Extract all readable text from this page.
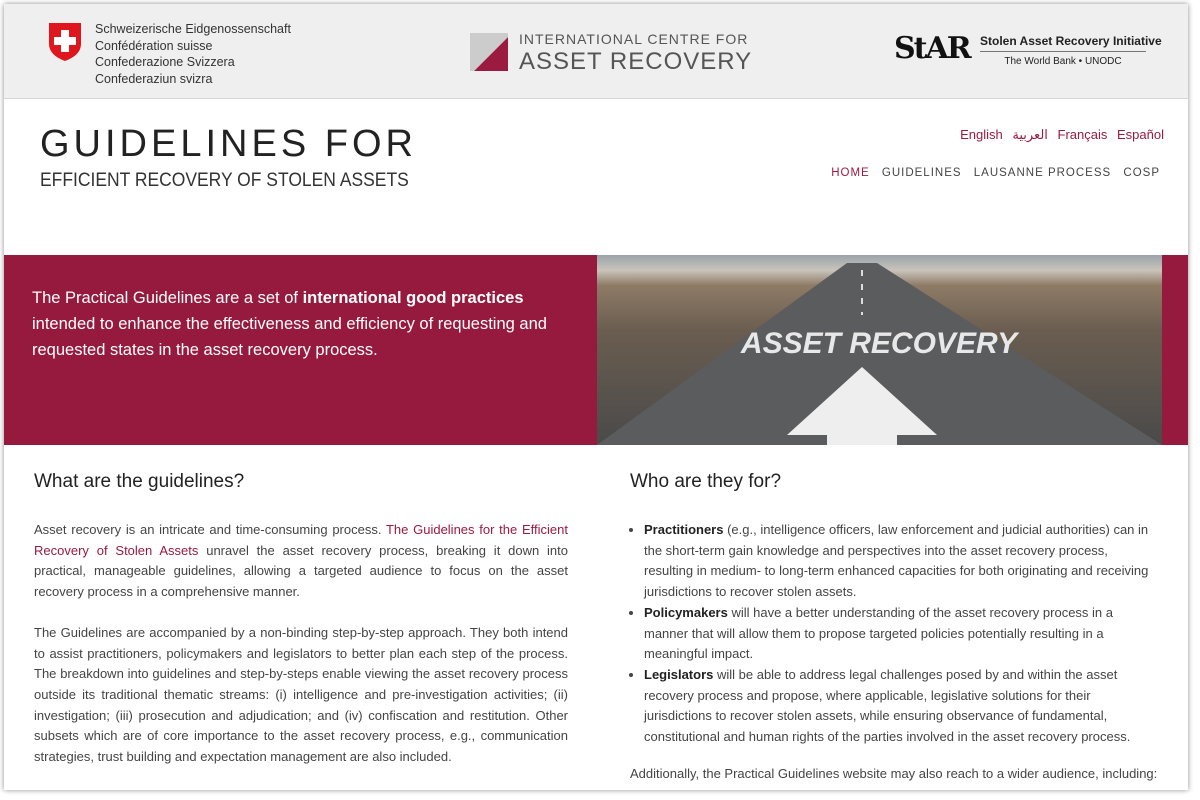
Schweizerische Eidgenossenschaft
Confédération suisse
Confederazione Svizzera
Confederaziun svizra
INTERNATIONAL CENTRE FOR
ASSET RECOVERY	StAR Stolen Asset Recovery Initiative
The World Bank • UNODC
GUIDELINES FOR
EFFICIENT RECOVERY OF STOLEN ASSETS
English العربية Français Español
HOME GUIDELINES LAUSANNE PROCESS COSP
The Practical Guidelines are a set of international good practices intended to enhance the effectiveness and efficiency of requesting and requested states in the asset recovery process.	ASSET RECOVERY
What are the guidelines?

Asset recovery is an intricate and time-consuming process. The Guidelines for the Efficient Recovery of Stolen Assets unravel the asset recovery process, breaking it down into practical, manageable guidelines, allowing a targeted audience to focus on the asset recovery process in a comprehensive manner.

The Guidelines are accompanied by a non-binding step-by-step approach. They both intend to assist practitioners, policymakers and legislators to better plan each step of the process. The breakdown into guidelines and step-by-steps enable viewing the asset recovery process outside its traditional thematic streams: (i) intelligence and pre-investigation activities; (ii) investigation; (iii) prosecution and adjudication; and (iv) confiscation and restitution. Other subsets which are of core importance to the asset recovery process, e.g., communication strategies, trust building and expectation management are also included.

Who are they for?
• Practitioners (e.g., intelligence officers, law enforcement and judicial authorities) can in the short-term gain knowledge and perspectives into the asset recovery process, resulting in medium- to long-term enhanced capacities for both originating and receiving jurisdictions to recover stolen assets.
• Policymakers will have a better understanding of the asset recovery process in a manner that will allow them to propose targeted policies potentially resulting in a meaningful impact.
• Legislators will be able to address legal challenges posed by and within the asset recovery process and propose, where applicable, legislative solutions for their jurisdictions to recover stolen assets, while ensuring observance of fundamental, constitutional and human rights of the parties involved in the asset recovery process.

Additionally, the Practical Guidelines website may also reach to a wider audience, including:
